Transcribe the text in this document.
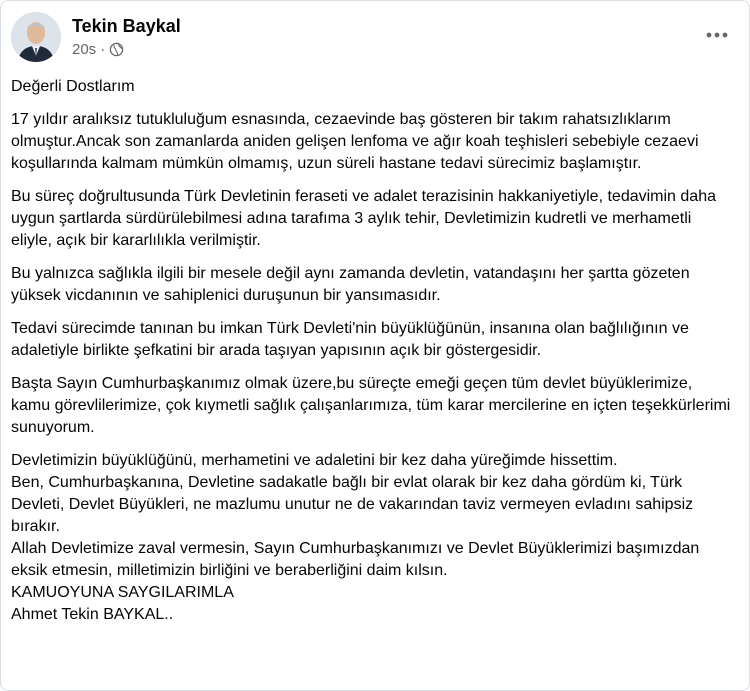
Tekin Baykal
20s ·

Değerli Dostlarım

17 yıldır aralıksız tutukluluğum esnasında, cezaevinde baş gösteren bir takım rahatsızlıklarım olmuştur.Ancak son zamanlarda aniden gelişen lenfoma ve ağır koah teşhisleri sebebiyle cezaevi koşullarında kalmam mümkün olmamış, uzun süreli hastane tedavi sürecimiz başlamıştır.

Bu süreç doğrultusunda Türk Devletinin feraseti ve adalet terazisinin hakkaniyetiyle, tedavimin daha uygun şartlarda sürdürülebilmesi adına tarafıma 3 aylık tehir, Devletimizin kudretli ve merhametli eliyle, açık bir kararlılıkla verilmiştir.

Bu yalnızca sağlıkla ilgili bir mesele değil aynı zamanda devletin, vatandaşını her şartta gözeten yüksek vicdanının ve sahiplenici duruşunun bir yansımasıdır.

Tedavi sürecimde tanınan bu imkan Türk Devleti'nin büyüklüğünün, insanına olan bağlılığının ve adaletiyle birlikte şefkatini bir arada taşıyan yapısının açık bir göstergesidir.

Başta Sayın Cumhurbaşkanımız olmak üzere,bu süreçte emeği geçen tüm devlet büyüklerimize, kamu görevlilerimize, çok kıymetli sağlık çalışanlarımıza, tüm karar mercilerine en içten teşekkürlerimi sunuyorum.

Devletimizin büyüklüğünü, merhametini ve adaletini bir kez daha yüreğimde hissettim.

Ben, Cumhurbaşkanına, Devletine sadakatle bağlı bir evlat olarak bir kez daha gördüm ki, Türk Devleti, Devlet Büyükleri, ne mazlumu unutur ne de vakarından taviz vermeyen evladını sahipsiz bırakır.

Allah Devletimize zaval vermesin, Sayın Cumhurbaşkanımızı ve Devlet Büyüklerimizi başımızdan eksik etmesin, milletimizin birliğini ve beraberliğini daim kılsın.

KAMUOYUNA SAYGILARIMLA

Ahmet Tekin BAYKAL..
